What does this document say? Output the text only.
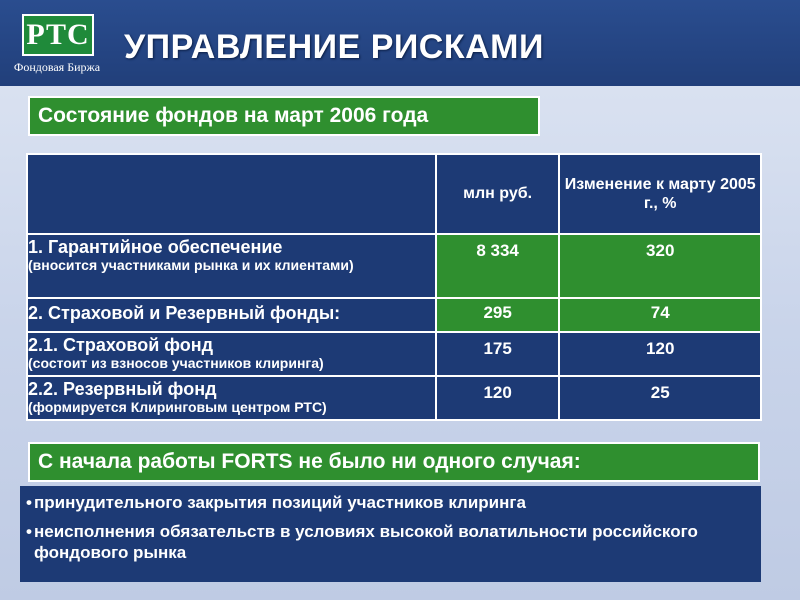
РТС
Фондовая Биржа
УПРАВЛЕНИЕ РИСКАМИ
Состояние фондов на март 2006 года
	млн руб.	Изменение к марту 2005 г., %

1. Гарантийное обеспечение
(вносится участниками рынка и их клиентами)	8 334	320

2. Страховой и Резервный фонды:	295	74

2.1. Страховой фонд
(состоит из взносов участников клиринга)	175	120

2.2. Резервный фонд
(формируется Клиринговым центром РТС)	120	25
С начала работы FORTS не было ни одного случая:
• принудительного закрытия позиций участников клиринга
• неисполнения обязательств в условиях высокой волатильности российского фондового рынка
